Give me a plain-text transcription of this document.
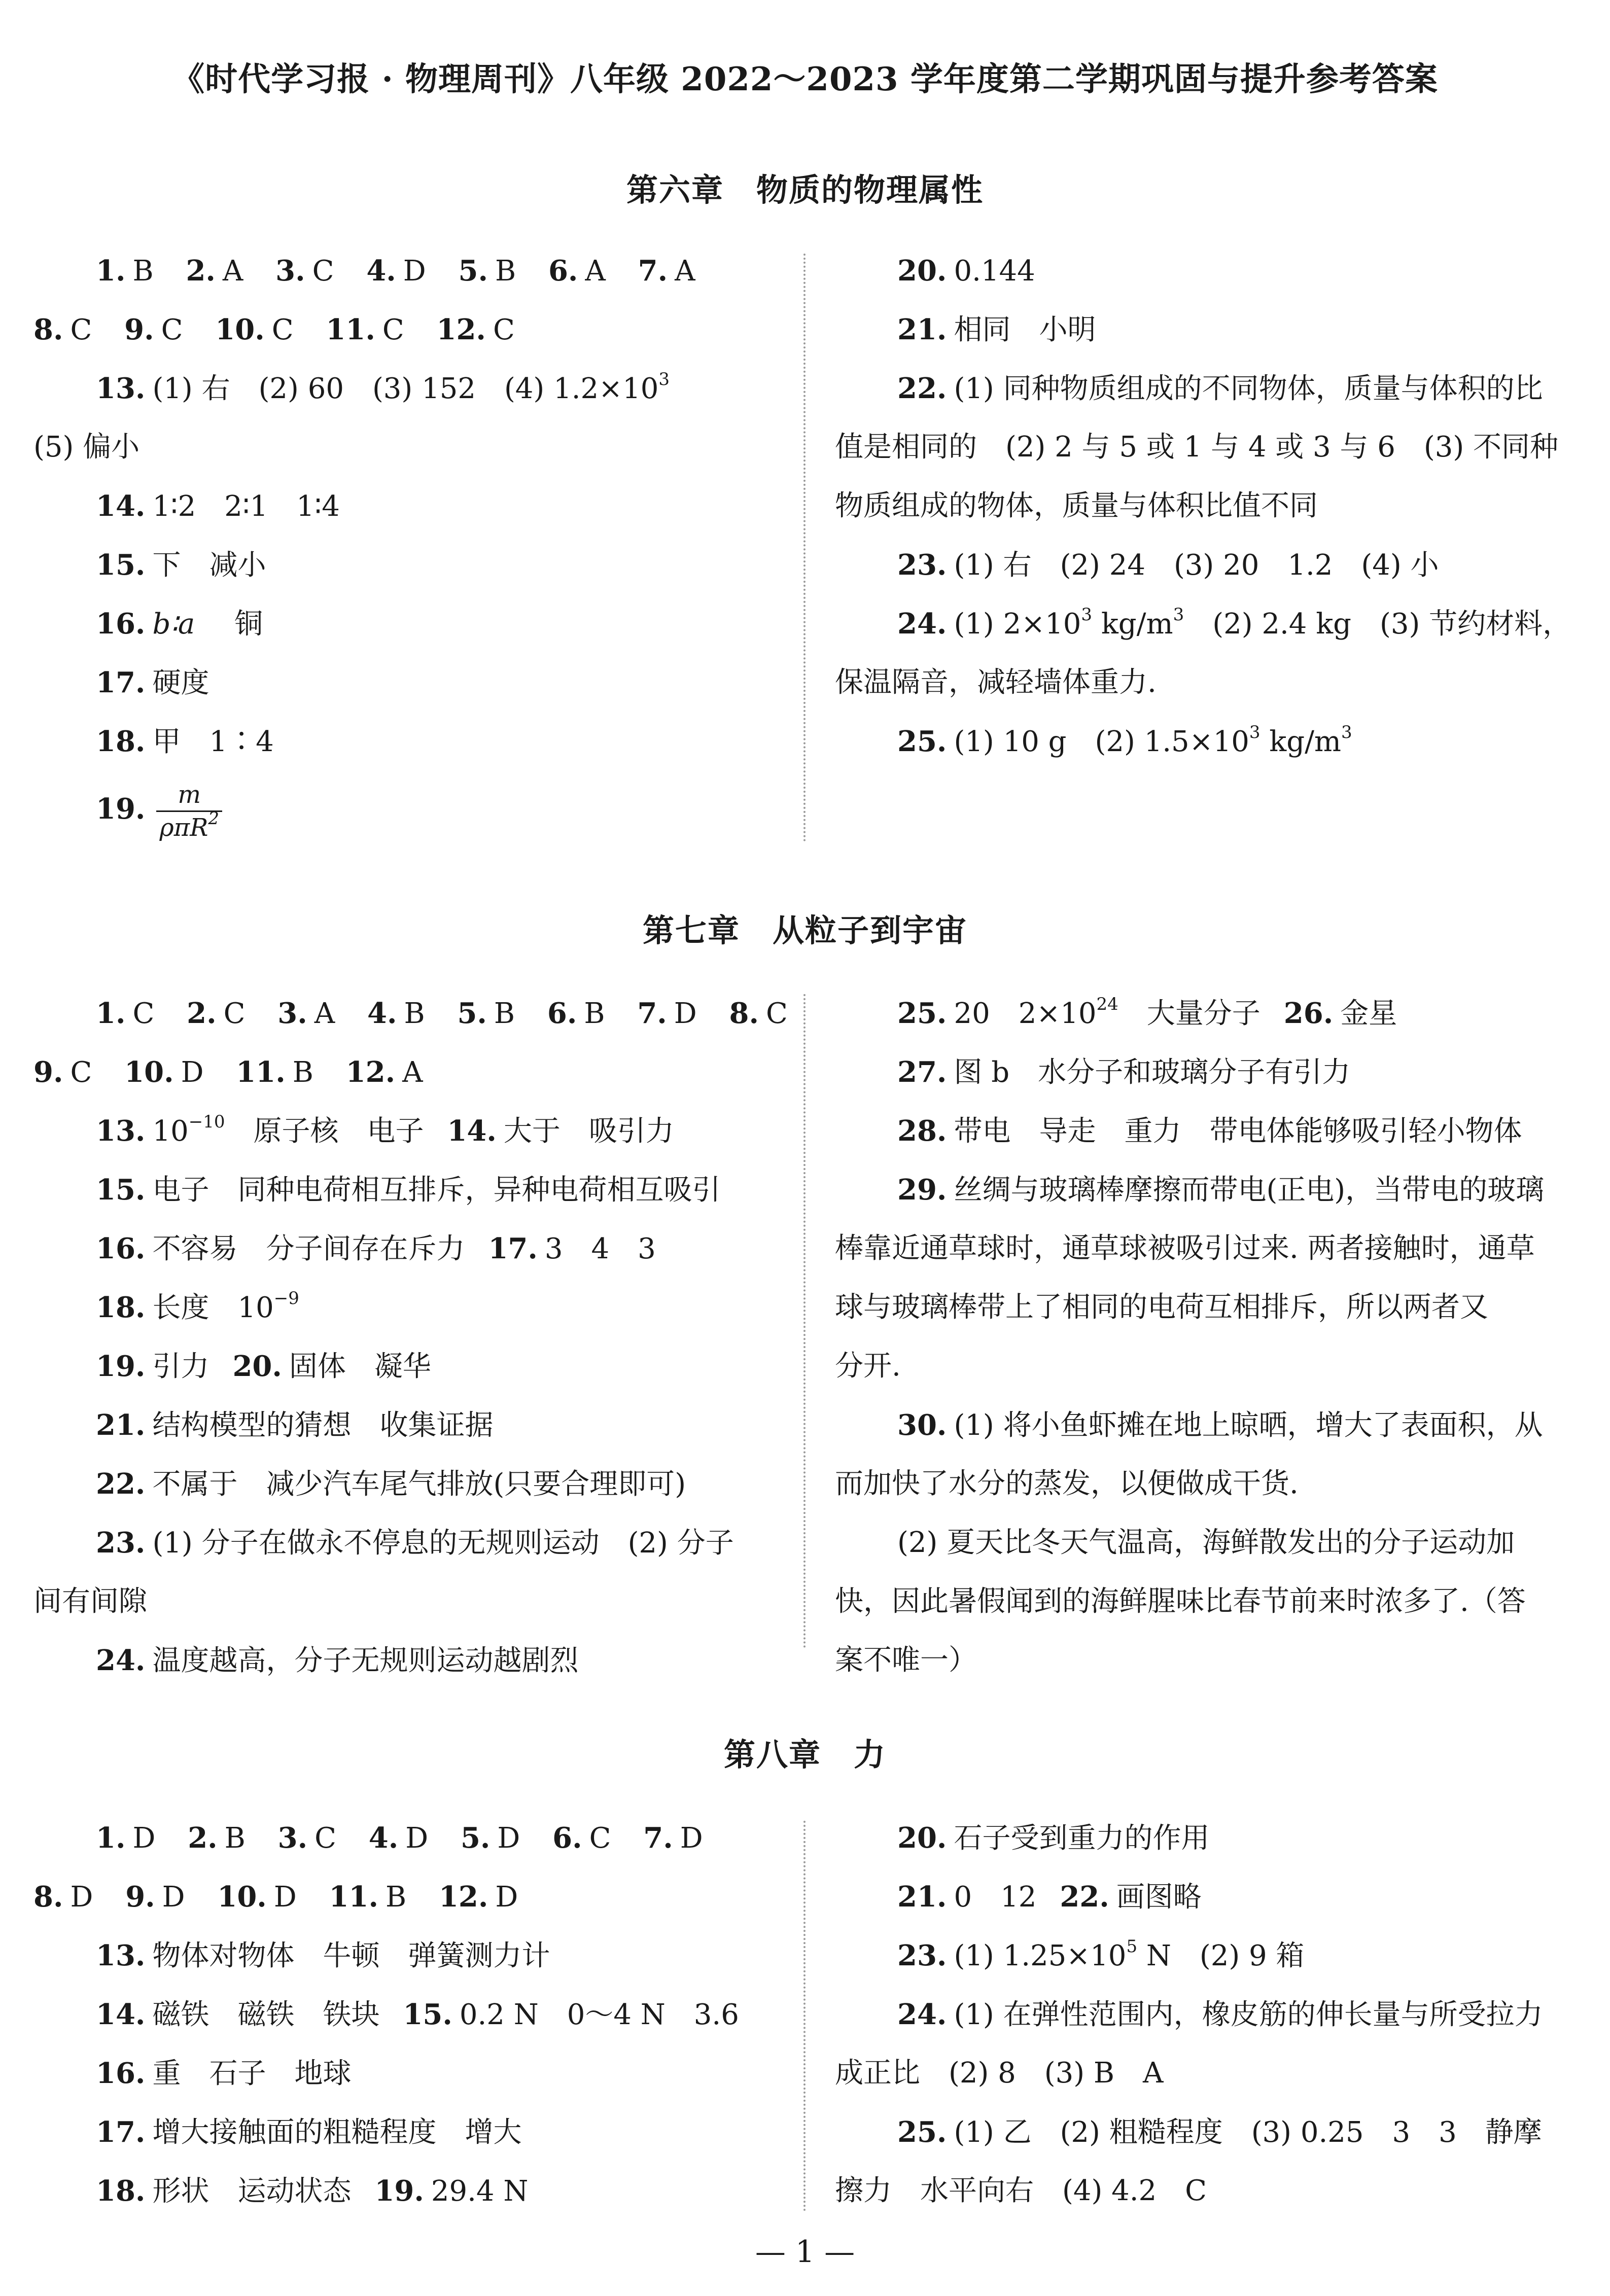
《时代学习报 · 物理周刊》八年级 2022～2023 学年度第二学期巩固与提升参考答案
第六章　物质的物理属性
1. B 2. A 3. C 4. D 5. B 6. A 7. A
8. C 9. C 10. C 11. C 12. C
13. (1) 右　(2) 60　(3) 152　(4) $1.2\times 10^3$
(5) 偏小
14. 1∶2　2∶1　1∶4
15. 下　减小
16. b∶a 铜
17. 硬度
18. 甲　1∶4
19. $\frac{m}{\rho\pi R^2}$
20. 0.144
21. 相同　小明
22. (1) 同种物质组成的不同物体，质量与体积的比
值是相同的　(2) 2 与 5 或 1 与 4 或 3 与 6　(3) 不同种
物质组成的物体，质量与体积比值不同
23. (1) 右　(2) 24　(3) 20　1.2　(4) 小
24. (1) $2\times 10^3$ $kg/m^3$　(2) 2.4 kg　(3) 节约材料，
保温隔音，减轻墙体重力.
25. (1) 10 g　(2) $1.5\times 10^3$ $kg/m^3$
第七章　从粒子到宇宙
1. C 2. C 3. A 4. B 5. B 6. B 7. D 8. C
9. C 10. D 11. B 12. A
13. $10^{-10}$　原子核　电子 14. 大于　吸引力
15. 电子　同种电荷相互排斥，异种电荷相互吸引
16. 不容易　分子间存在斥力 17. 3　4　3
18. 长度　$10^{-9}$
19. 引力 20. 固体　凝华
21. 结构模型的猜想　收集证据
22. 不属于　减少汽车尾气排放(只要合理即可)
23. (1) 分子在做永不停息的无规则运动　(2) 分子
间有间隙
24. 温度越高，分子无规则运动越剧烈
25. 20　$2\times 10^{24}$　大量分子 26. 金星
27. 图 b　水分子和玻璃分子有引力
28. 带电　导走　重力　带电体能够吸引轻小物体
29. 丝绸与玻璃棒摩擦而带电(正电)，当带电的玻璃
棒靠近通草球时，通草球被吸引过来. 两者接触时，通草
球与玻璃棒带上了相同的电荷互相排斥，所以两者又
分开.
30. (1) 将小鱼虾摊在地上晾晒，增大了表面积，从
而加快了水分的蒸发，以便做成干货.
(2) 夏天比冬天气温高，海鲜散发出的分子运动加
快，因此暑假闻到的海鲜腥味比春节前来时浓多了.（答
案不唯一）
第八章　力
1. D 2. B 3. C 4. D 5. D 6. C 7. D
8. D 9. D 10. D 11. B 12. D
13. 物体对物体　牛顿　弹簧测力计
14. 磁铁　磁铁　铁块 15. 0.2 N　0～4 N　3.6
16. 重　石子　地球
17. 增大接触面的粗糙程度　增大
18. 形状　运动状态 19. 29.4 N
20. 石子受到重力的作用
21. 0　12 22. 画图略
23. (1) $1.25\times 10^5$ N　(2) 9 箱
24. (1) 在弹性范围内，橡皮筋的伸长量与所受拉力
成正比　(2) 8　(3) B　A
25. (1) 乙　(2) 粗糙程度　(3) 0.25　3　3　静摩
擦力　水平向右　(4) 4.2　C
— 1 —
